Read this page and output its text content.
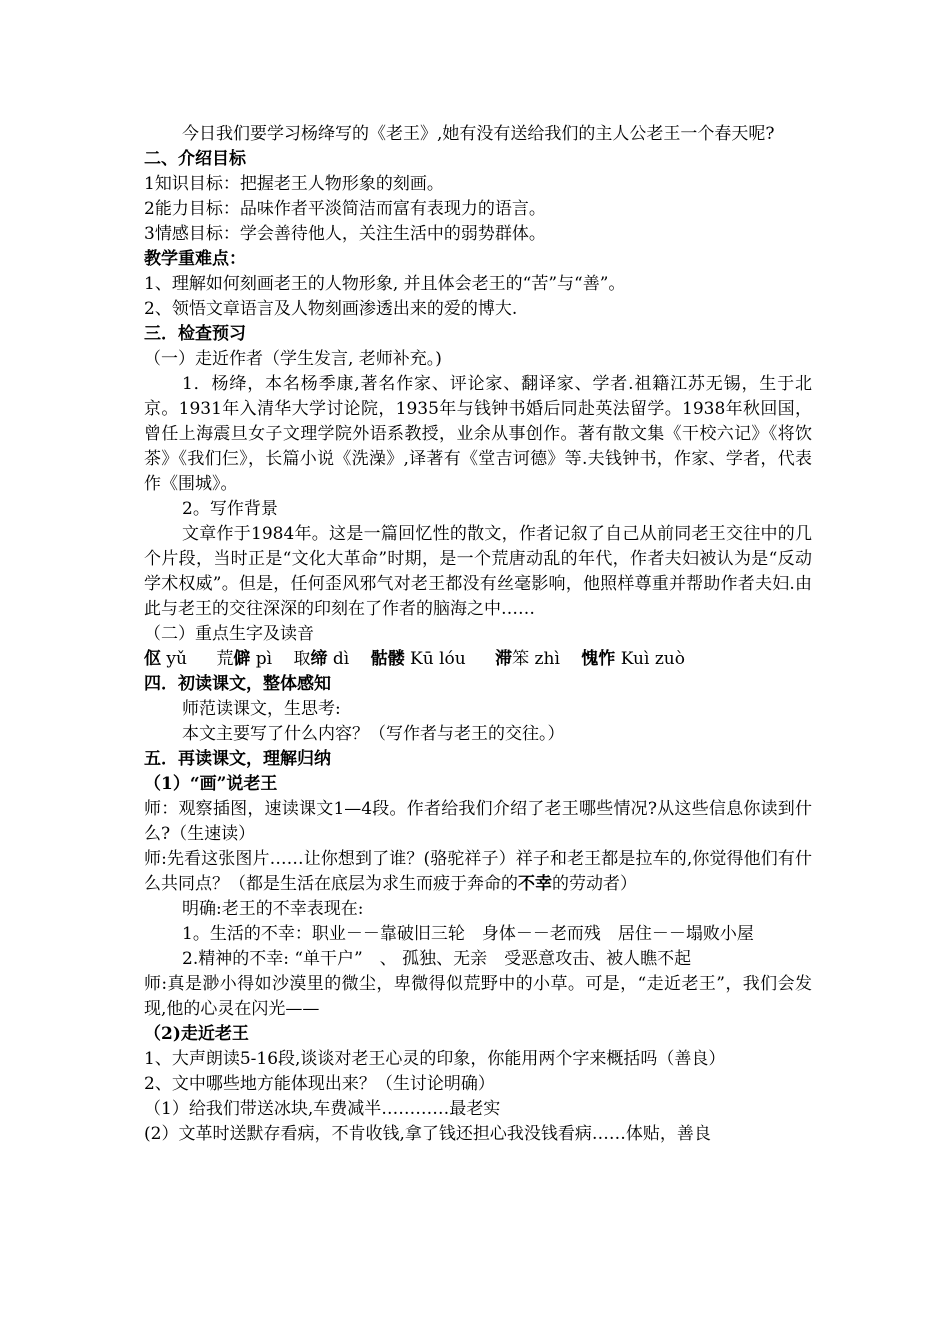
今日我们要学习杨绛写的《老王》,她有没有送给我们的主人公老王一个春天呢?
二、介绍目标
1知识目标：把握老王人物形象的刻画。
2能力目标：品味作者平淡简洁而富有表现力的语言。
3情感目标：学会善待他人，关注生活中的弱势群体。
教学重难点：
1、理解如何刻画老王的人物形象, 并且体会老王的“苦”与“善”。
2、领悟文章语言及人物刻画渗透出来的爱的博大.
三．检查预习
（一）走近作者（学生发言, 老师补充。)
1．杨绛，本名杨季康,著名作家、评论家、翻译家、学者.祖籍江苏无锡，生于北京。1931年入清华大学讨论院，1935年与钱钟书婚后同赴英法留学。1938年秋回国，曾任上海震旦女子文理学院外语系教授，业余从事创作。著有散文集《干校六记》《将饮茶》《我们仨》，长篇小说《洗澡》,译著有《堂吉诃德》等.夫钱钟书，作家、学者，代表作《围城》。
2。写作背景
文章作于1984年。这是一篇回忆性的散文，作者记叙了自己从前同老王交往中的几个片段，当时正是“文化大革命”时期，是一个荒唐动乱的年代，作者夫妇被认为是“反动学术权威”。但是，任何歪风邪气对老王都没有丝毫影响，他照样尊重并帮助作者夫妇.由此与老王的交往深深的印刻在了作者的脑海之中……
（二）重点生字及读音
伛 yǔ 荒僻 pì 取缔 dì 骷髅 Kū lóu 滞笨 zhì 愧怍 Kuì zuò
四．初读课文，整体感知
师范读课文，生思考:
本文主要写了什么内容？（写作者与老王的交往。）
五．再读课文，理解归纳
（1）“画”说老王
师：观察插图，速读课文1—4段。作者给我们介绍了老王哪些情况?从这些信息你读到什么?（生速读）
师:先看这张图片……让你想到了谁？(骆驼祥子）祥子和老王都是拉车的,你觉得他们有什么共同点？（都是生活在底层为求生而疲于奔命的不幸的劳动者）
明确:老王的不幸表现在:
1。生活的不幸：职业－－靠破旧三轮　身体－－老而残　居住－－塌败小屋
2.精神的不幸: “单干户”　、 孤独、无亲　受恶意攻击、被人瞧不起
师:真是渺小得如沙漠里的微尘，卑微得似荒野中的小草。可是，“走近老王”，我们会发现,他的心灵在闪光——
（2)走近老王
1、大声朗读5-16段,谈谈对老王心灵的印象，你能用两个字来概括吗（善良）
2、文中哪些地方能体现出来？（生讨论明确）
（1）给我们带送冰块,车费减半…………最老实
(2）文革时送默存看病，不肯收钱,拿了钱还担心我没钱看病……体贴，善良
